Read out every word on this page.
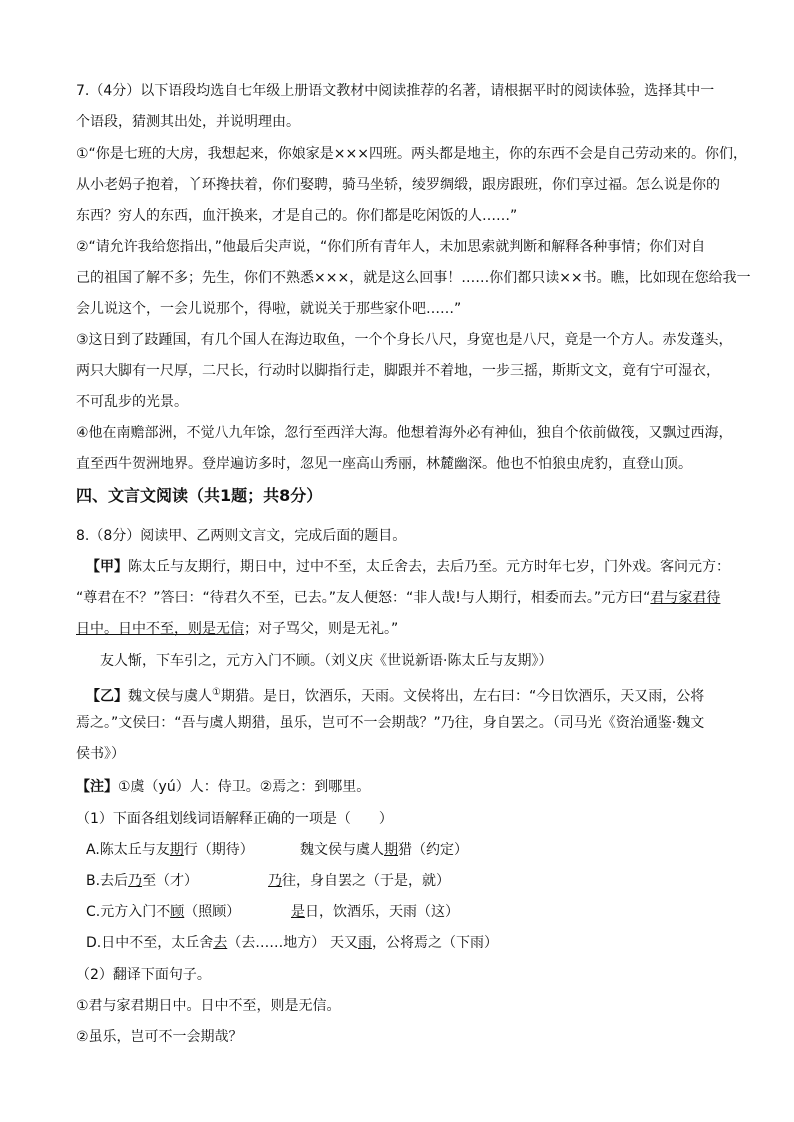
7.（4分）以下语段均选自七年级上册语文教材中阅读推荐的名著，请根据平时的阅读体验，选择其中一
个语段，猜测其出处，并说明理由。
①“你是七班的大房，我想起来，你娘家是×××四班。两头都是地主，你的东西不会是自己劳动来的。你们，
从小老妈子抱着，丫环搀扶着，你们娶聘，骑马坐轿，绫罗绸缎，跟房跟班，你们享过福。怎么说是你的
东西？穷人的东西，血汗换来，才是自己的。你们都是吃闲饭的人……”
②“请允许我给您指出，”他最后尖声说，“你们所有青年人，未加思索就判断和解释各种事情；你们对自
己的祖国了解不多；先生，你们不熟悉×××，就是这么回事！……你们都只读××书。瞧，比如现在您给我一
会儿说这个，一会儿说那个，得啦，就说关于那些家仆吧……”
③这日到了跂踵国，有几个国人在海边取鱼，一个个身长八尺，身宽也是八尺，竟是一个方人。赤发蓬头，
两只大脚有一尺厚，二尺长，行动时以脚指行走，脚跟并不着地，一步三摇，斯斯文文，竟有宁可湿衣，
不可乱步的光景。
④他在南赡部洲，不觉八九年馀，忽行至西洋大海。他想着海外必有神仙，独自个依前做筏，又飘过西海，
直至西牛贺洲地界。登岸遍访多时，忽见一座高山秀丽，林麓幽深。他也不怕狼虫虎豹，直登山顶。
四、文言文阅读（共1题；共8分）
8.（8分）阅读甲、乙两则文言文，完成后面的题目。
【甲】陈太丘与友期行，期日中，过中不至，太丘舍去，去后乃至。元方时年七岁，门外戏。客问元方：
“尊君在不？”答曰：“待君久不至，已去。”友人便怒：“非人哉!与人期行，相委而去。”元方曰“君与家君待
日中。日中不至，则是无信；对子骂父，则是无礼。”
友人惭，下车引之，元方入门不顾。（刘义庆《世说新语·陈太丘与友期》）
【乙】魏文侯与虞人①期猎。是日，饮酒乐，天雨。文侯将出，左右曰：“今日饮酒乐，天又雨，公将
焉之。”文侯曰：“吾与虞人期猎，虽乐，岂可不一会期哉？”乃往，身自罢之。（司马光《资治通鉴·魏文
侯书》）
【注】①虞（yú）人：侍卫。②焉之：到哪里。
（1）下面各组划线词语解释正确的一项是（　　）
A.陈太丘与友期行（期待）	魏文侯与虞人期猎（约定）
B.去后乃至（才）	乃往，身自罢之（于是，就）
C.元方入门不顾（照顾）	是日，饮酒乐，天雨（这）
D.日中不至，太丘舍去（去……地方） 天又雨，公将焉之（下雨）
（2）翻译下面句子。
①君与家君期日中。日中不至，则是无信。
②虽乐，岂可不一会期哉？
